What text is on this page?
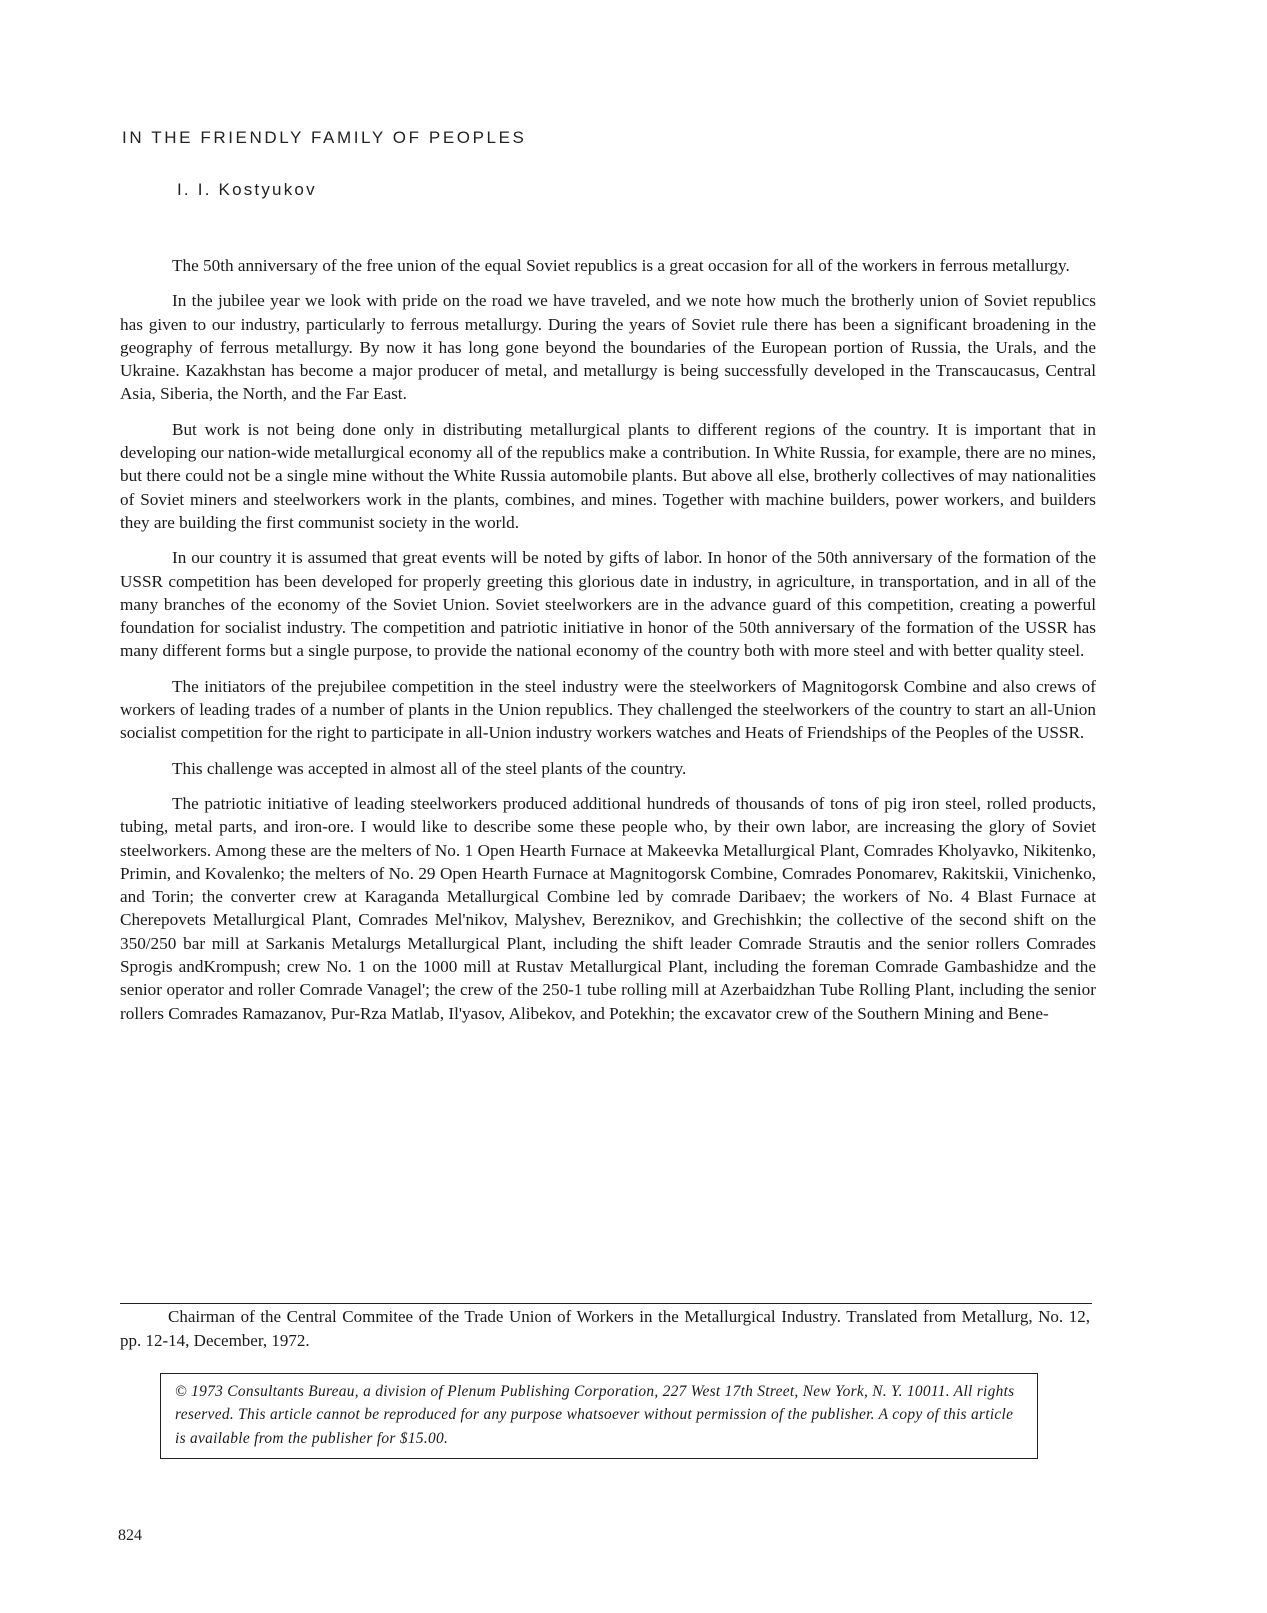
IN THE FRIENDLY FAMILY OF PEOPLES
I. I. Kostyukov

The 50th anniversary of the free union of the equal Soviet republics is a great occasion for all of the workers in ferrous metallurgy.

In the jubilee year we look with pride on the road we have traveled, and we note how much the brotherly union of Soviet republics has given to our industry, particularly to ferrous metallurgy. During the years of Soviet rule there has been a significant broadening in the geography of ferrous metallurgy. By now it has long gone beyond the boundaries of the European portion of Russia, the Urals, and the Ukraine. Kazakhstan has become a major producer of metal, and metallurgy is being successfully developed in the Transcaucasus, Central Asia, Siberia, the North, and the Far East.

But work is not being done only in distributing metallurgical plants to different regions of the country. It is important that in developing our nation-wide metallurgical economy all of the republics make a contribution. In White Russia, for example, there are no mines, but there could not be a single mine without the White Russia automobile plants. But above all else, brotherly collectives of may nationalities of Soviet miners and steelworkers work in the plants, combines, and mines. Together with machine builders, power workers, and builders they are building the first communist society in the world.

In our country it is assumed that great events will be noted by gifts of labor. In honor of the 50th anniversary of the formation of the USSR competition has been developed for properly greeting this glorious date in industry, in agriculture, in transportation, and in all of the many branches of the economy of the Soviet Union. Soviet steelworkers are in the advance guard of this competition, creating a powerful foundation for socialist industry. The competition and patriotic initiative in honor of the 50th anniversary of the formation of the USSR has many different forms but a single purpose, to provide the national economy of the country both with more steel and with better quality steel.

The initiators of the prejubilee competition in the steel industry were the steelworkers of Magnitogorsk Combine and also crews of workers of leading trades of a number of plants in the Union republics. They challenged the steelworkers of the country to start an all-Union socialist competition for the right to participate in all-Union industry workers watches and Heats of Friendships of the Peoples of the USSR.

This challenge was accepted in almost all of the steel plants of the country.

The patriotic initiative of leading steelworkers produced additional hundreds of thousands of tons of pig iron steel, rolled products, tubing, metal parts, and iron-ore. I would like to describe some these people who, by their own labor, are increasing the glory of Soviet steelworkers. Among these are the melters of No. 1 Open Hearth Furnace at Makeevka Metallurgical Plant, Comrades Kholyavko, Nikitenko, Primin, and Kovalenko; the melters of No. 29 Open Hearth Furnace at Magnitogorsk Combine, Comrades Ponomarev, Rakitskii, Vinichenko, and Torin; the converter crew at Karaganda Metallurgical Combine led by comrade Daribaev; the workers of No. 4 Blast Furnace at Cherepovets Metallurgical Plant, Comrades Mel'nikov, Malyshev, Bereznikov, and Grechishkin; the collective of the second shift on the 350/250 bar mill at Sarkanis Metalurgs Metallurgical Plant, including the shift leader Comrade Strautis and the senior rollers Comrades Sprogis andKrompush; crew No. 1 on the 1000 mill at Rustav Metallurgical Plant, including the foreman Comrade Gambashidze and the senior operator and roller Comrade Vanagel'; the crew of the 250-1 tube rolling mill at Azerbaidzhan Tube Rolling Plant, including the senior rollers Comrades Ramazanov, Pur-Rza Matlab, Il'yasov, Alibekov, and Potekhin; the excavator crew of the Southern Mining and Bene-

Chairman of the Central Commitee of the Trade Union of Workers in the Metallurgical Industry. Translated from Metallurg, No. 12, pp. 12-14, December, 1972.
© 1973 Consultants Bureau, a division of Plenum Publishing Corporation, 227 West 17th Street, New York, N. Y. 10011. All rights reserved. This article cannot be reproduced for any purpose whatsoever without permission of the publisher. A copy of this article is available from the publisher for $15.00.
824
